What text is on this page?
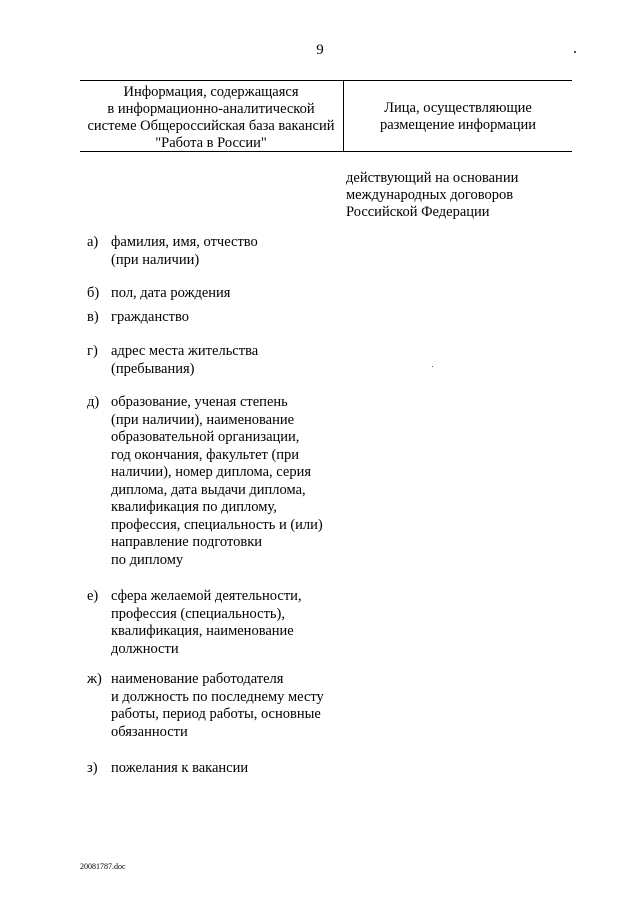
9
Информация, содержащаяся
в информационно-аналитической
системе Общероссийская база вакансий
"Работа в России"
Лица, осуществляющие
размещение информации
действующий на основании
международных договоров
Российской Федерации
а) фамилия, имя, отчество
(при наличии)
б) пол, дата рождения
в) гражданство
г) адрес места жительства
(пребывания)
д) образование, ученая степень
(при наличии), наименование
образовательной организации,
год окончания, факультет (при
наличии), номер диплома, серия
диплома, дата выдачи диплома,
квалификация по диплому,
профессия, специальность и (или)
направление подготовки
по диплому
е) сфера желаемой деятельности,
профессия (специальность),
квалификация, наименование
должности
ж) наименование работодателя
и должность по последнему месту
работы, период работы, основные
обязанности
з) пожелания к вакансии
20081787.doc
